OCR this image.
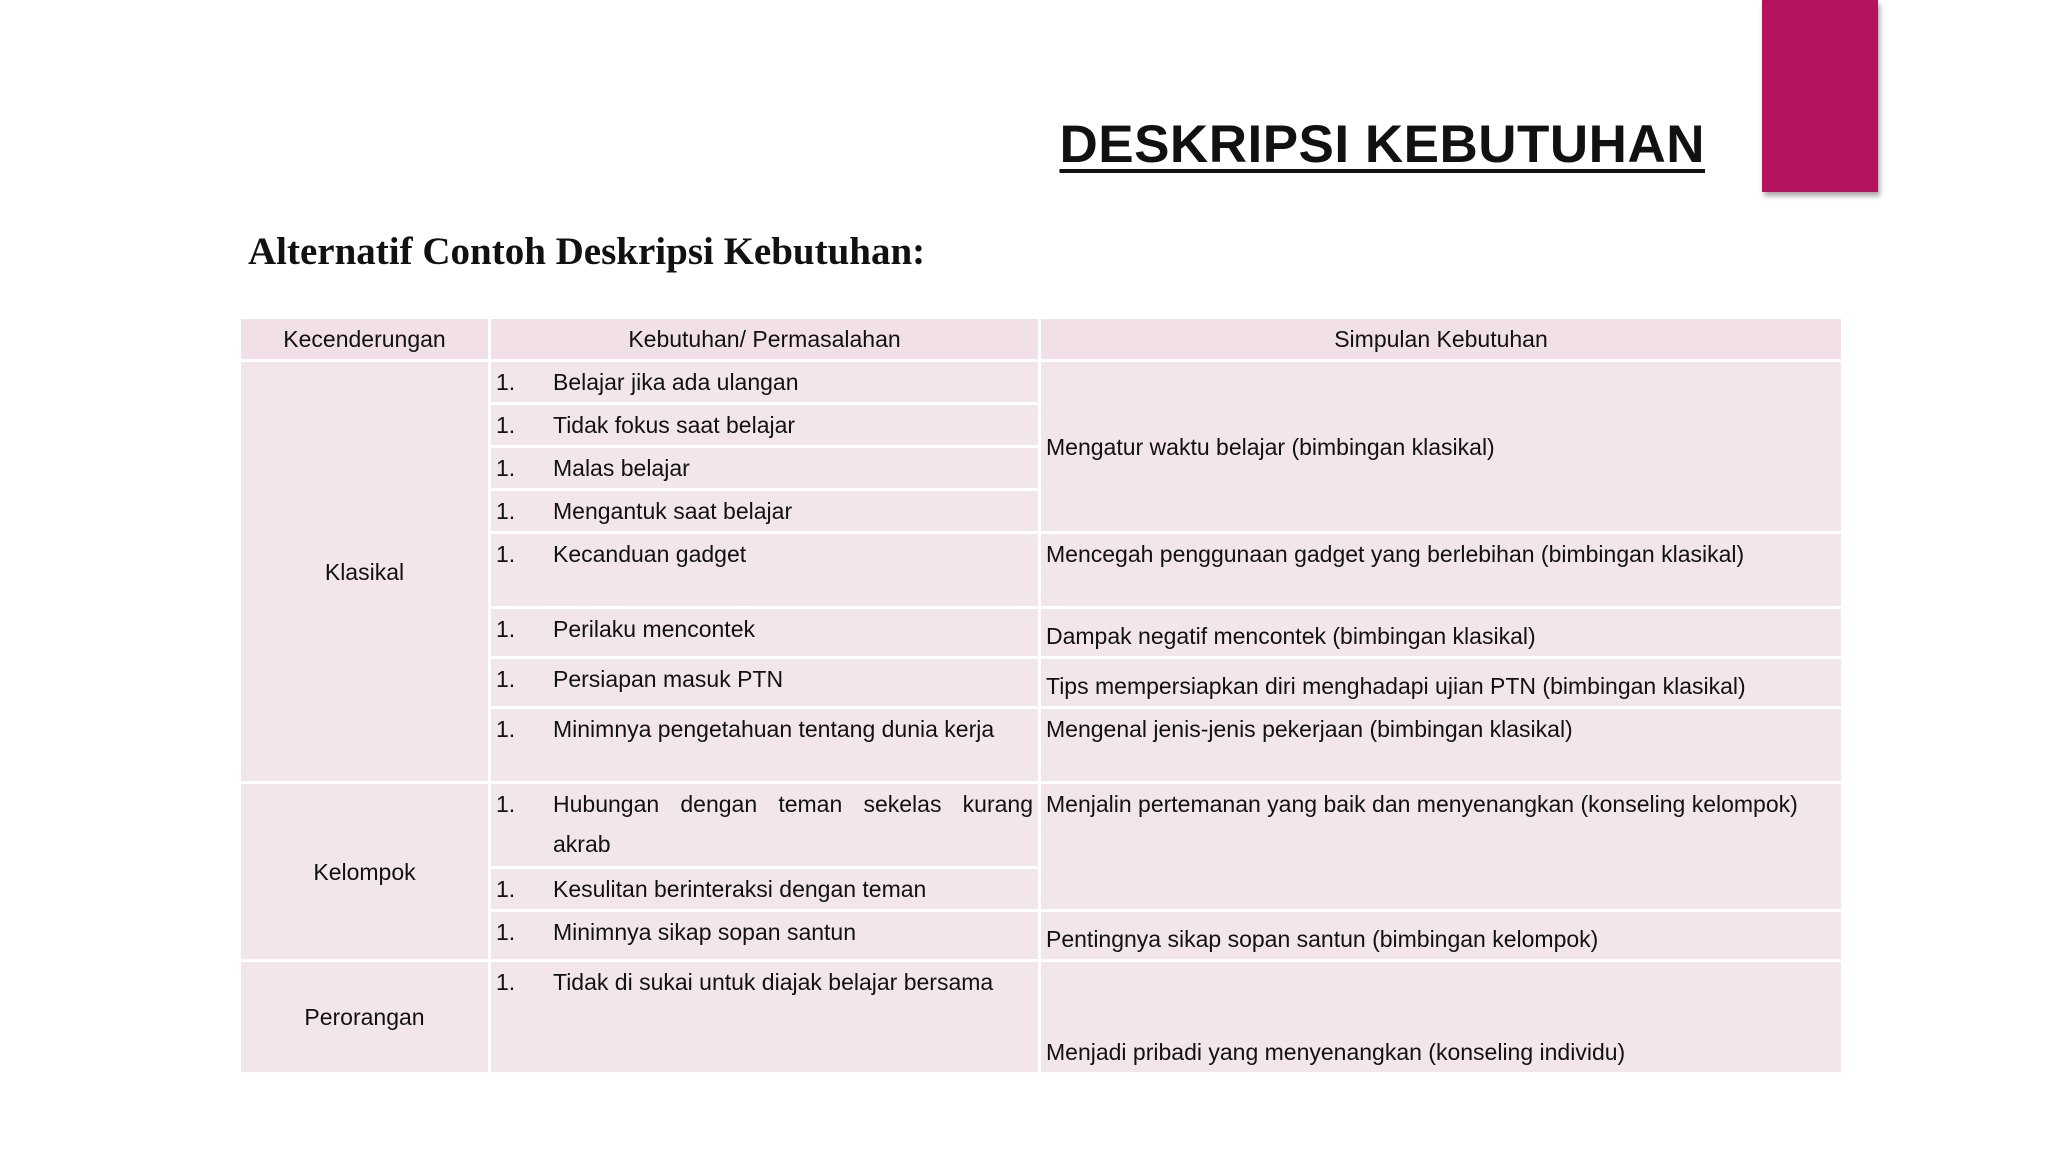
DESKRIPSI KEBUTUHAN
Alternatif Contoh Deskripsi Kebutuhan:
Kecenderungan	Kebutuhan/ Permasalahan	Simpulan Kebutuhan
Klasikal	1. Belajar jika ada ulangan	Mengatur waktu belajar (bimbingan klasikal)

	1. Tidak fokus saat belajar	

	1. Malas belajar	

	1. Mengantuk saat belajar	

	1. Kecanduan gadget	Mencegah penggunaan gadget yang berlebihan (bimbingan klasikal)

	1. Perilaku mencontek	Dampak negatif mencontek (bimbingan klasikal)

	1. Persiapan masuk PTN	Tips mempersiapkan diri menghadapi ujian PTN (bimbingan klasikal)

	1. Minimnya pengetahuan tentang dunia kerja	Mengenal jenis-jenis pekerjaan (bimbingan klasikal)
Kelompok	1. Hubungan dengan teman sekelas kurang akrab	Menjalin pertemanan yang baik dan menyenangkan (konseling kelompok)

	1. Kesulitan berinteraksi dengan teman	

	1. Minimnya sikap sopan santun	Pentingnya sikap sopan santun (bimbingan kelompok)
Perorangan	1. Tidak di sukai untuk diajak belajar bersama	Menjadi pribadi yang menyenangkan (konseling individu)
